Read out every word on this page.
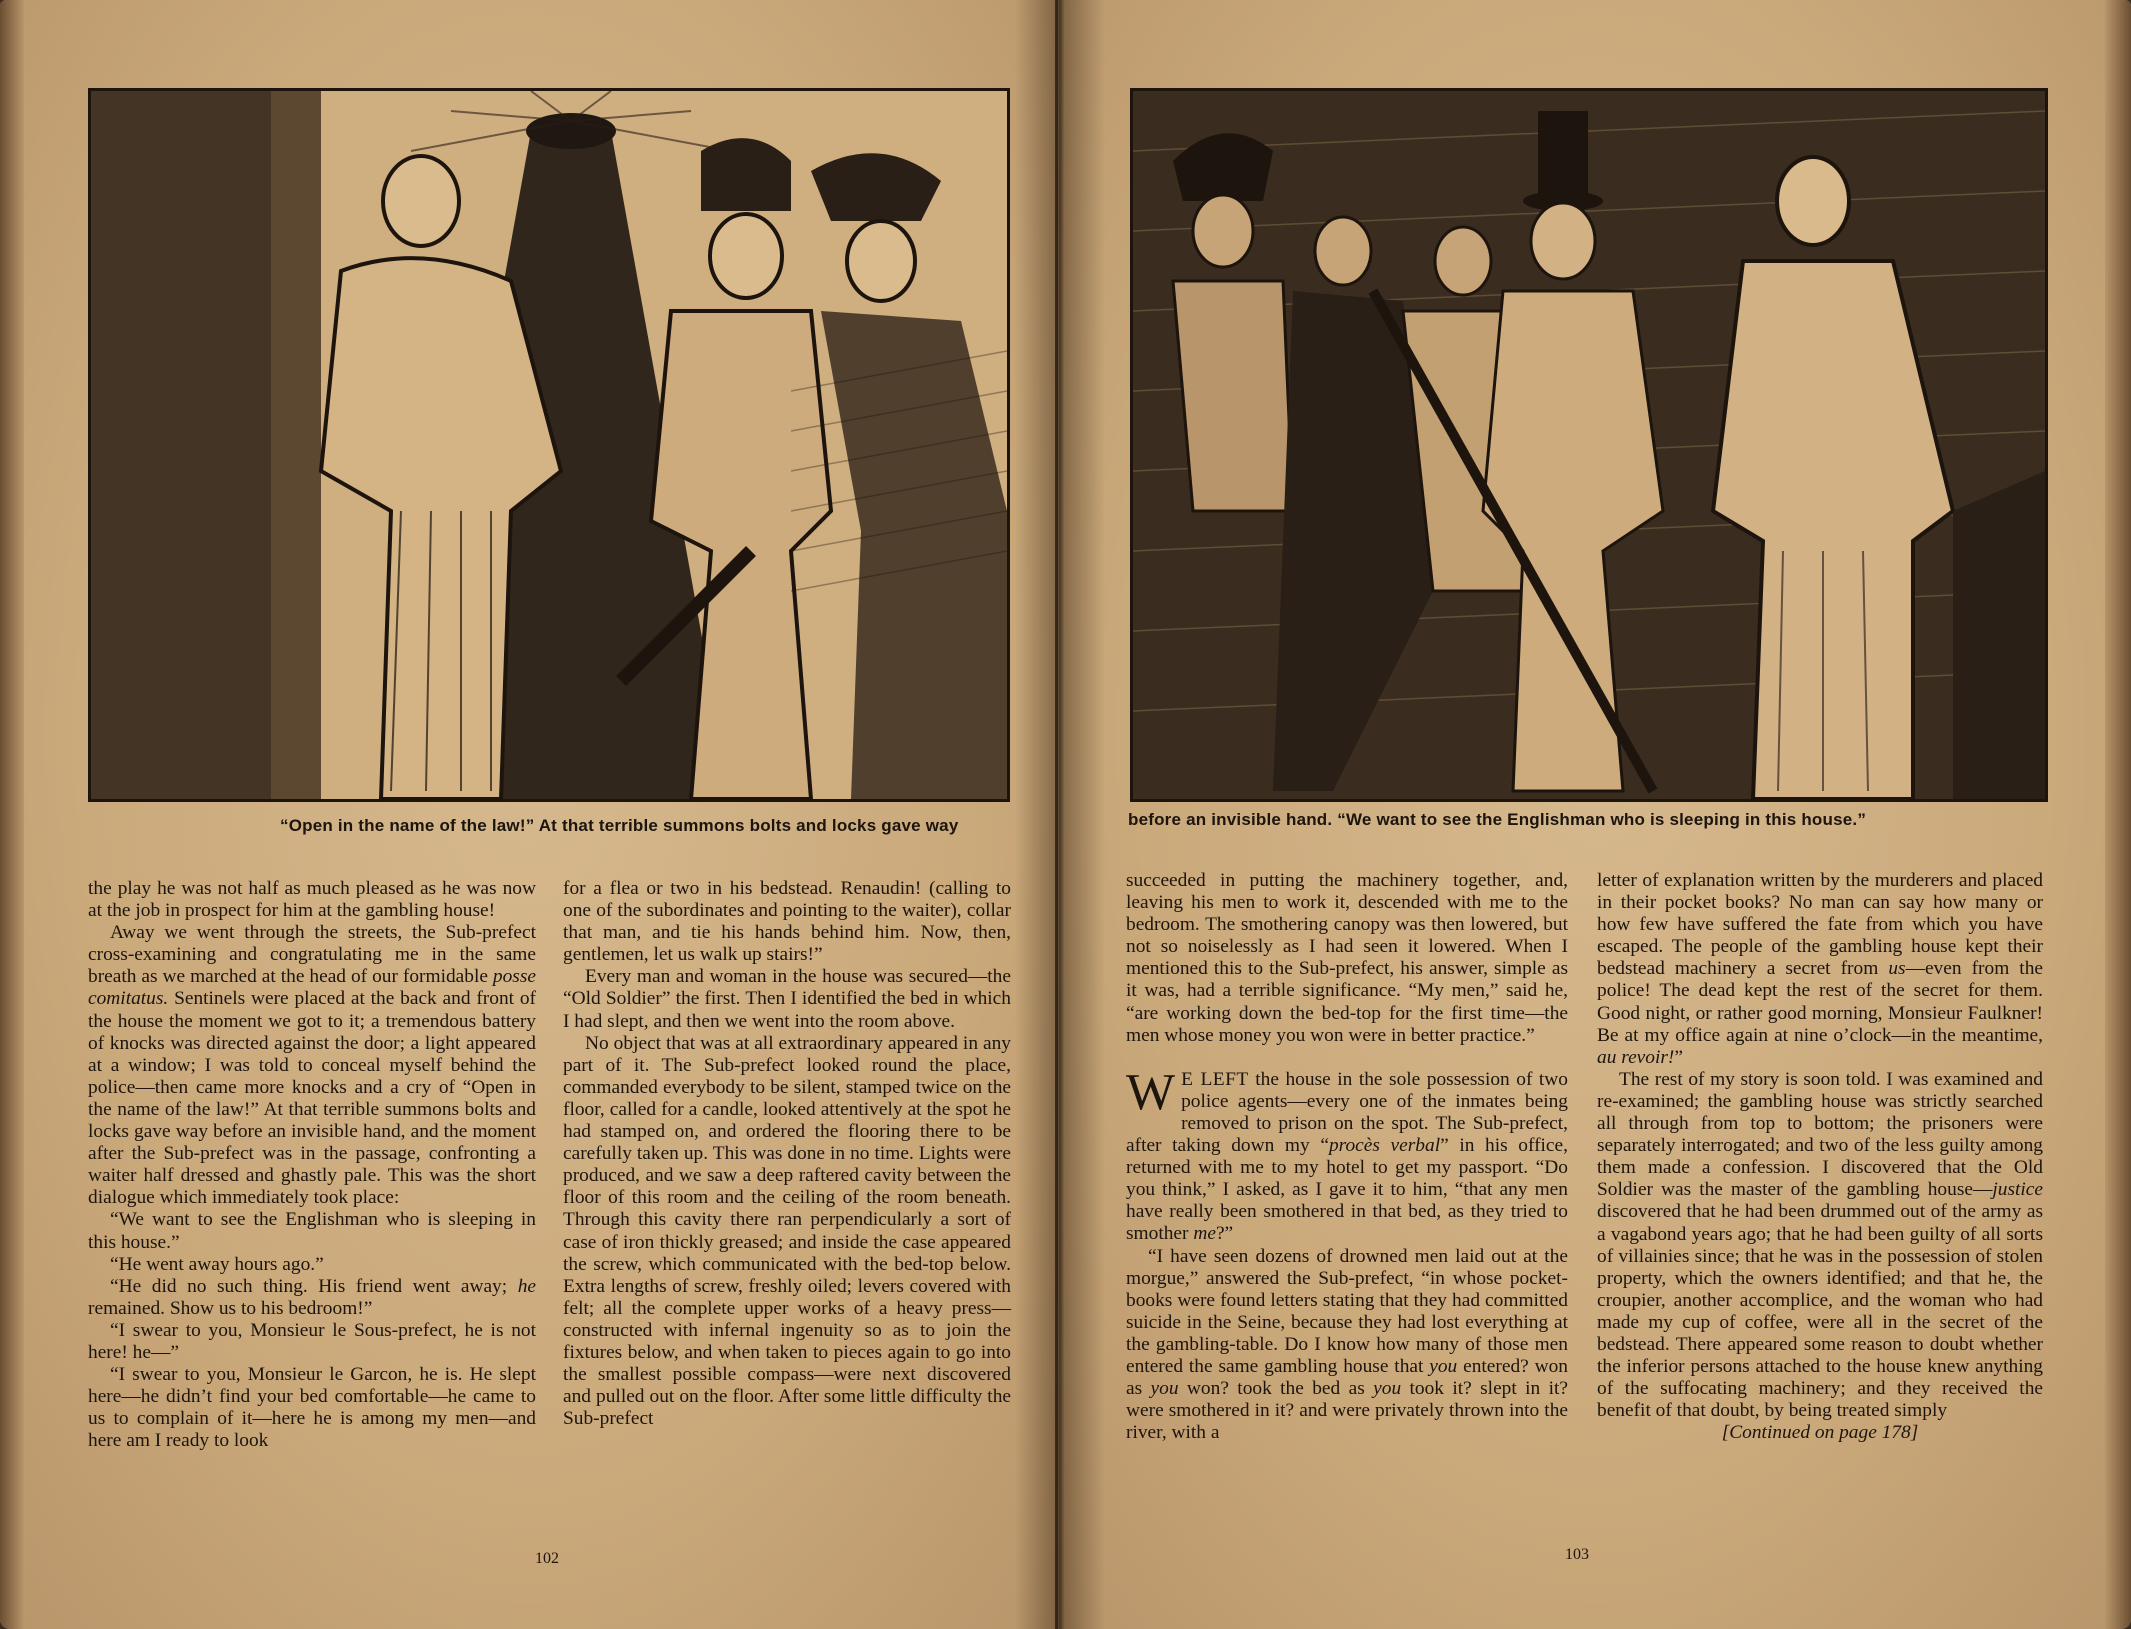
“Open in the name of the law!” At that terrible summons bolts and locks gave way

the play he was not half as much pleased as he was now at the job in prospect for him at the gambling house!

Away we went through the streets, the Sub-prefect cross-examining and congratulating me in the same breath as we marched at the head of our formidable posse comitatus. Sentinels were placed at the back and front of the house the moment we got to it; a tremendous battery of knocks was directed against the door; a light appeared at a window; I was told to conceal myself behind the police—then came more knocks and a cry of “Open in the name of the law!” At that terrible summons bolts and locks gave way before an invisible hand, and the moment after the Sub-prefect was in the passage, confronting a waiter half dressed and ghastly pale. This was the short dialogue which immediately took place:

“We want to see the Englishman who is sleeping in this house.”

“He went away hours ago.”

“He did no such thing. His friend went away; he remained. Show us to his bedroom!”

“I swear to you, Monsieur le Sous-prefect, he is not here! he—”

“I swear to you, Monsieur le Garcon, he is. He slept here—he didn’t find your bed comfortable—he came to us to complain of it—here he is among my men—and here am I ready to look

for a flea or two in his bedstead. Renaudin! (calling to one of the subordinates and pointing to the waiter), collar that man, and tie his hands behind him. Now, then, gentlemen, let us walk up stairs!”

Every man and woman in the house was secured—the “Old Soldier” the first. Then I identified the bed in which I had slept, and then we went into the room above.

No object that was at all extraordinary appeared in any part of it. The Sub-prefect looked round the place, commanded everybody to be silent, stamped twice on the floor, called for a candle, looked attentively at the spot he had stamped on, and ordered the flooring there to be carefully taken up. This was done in no time. Lights were produced, and we saw a deep raftered cavity between the floor of this room and the ceiling of the room beneath. Through this cavity there ran perpendicularly a sort of case of iron thickly greased; and inside the case appeared the screw, which communicated with the bed-top below. Extra lengths of screw, freshly oiled; levers covered with felt; all the complete upper works of a heavy press—constructed with infernal ingenuity so as to join the fixtures below, and when taken to pieces again to go into the smallest possible compass—were next discovered and pulled out on the floor. After some little difficulty the Sub-prefect

102
before an invisible hand. “We want to see the Englishman who is sleeping in this house.”

succeeded in putting the machinery together, and, leaving his men to work it, descended with me to the bedroom. The smothering canopy was then lowered, but not so noiselessly as I had seen it lowered. When I mentioned this to the Sub-prefect, his answer, simple as it was, had a terrible significance. “My men,” said he, “are working down the bed-top for the first time—the men whose money you won were in better practice.”

W E LEFT the house in the sole possession of two police agents—every one of the inmates being removed to prison on the spot. The Sub-prefect, after taking down my “procès verbal” in his office, returned with me to my hotel to get my passport. “Do you think,” I asked, as I gave it to him, “that any men have really been smothered in that bed, as they tried to smother me?”

“I have seen dozens of drowned men laid out at the morgue,” answered the Sub-prefect, “in whose pocket-books were found letters stating that they had committed suicide in the Seine, because they had lost everything at the gambling-table. Do I know how many of those men entered the same gambling house that you entered? won as you won? took the bed as you took it? slept in it? were smothered in it? and were privately thrown into the river, with a

letter of explanation written by the murderers and placed in their pocket books? No man can say how many or how few have suffered the fate from which you have escaped. The people of the gambling house kept their bedstead machinery a secret from us—even from the police! The dead kept the rest of the secret for them. Good night, or rather good morning, Monsieur Faulkner! Be at my office again at nine o’clock—in the meantime, au revoir!”

The rest of my story is soon told. I was examined and re-examined; the gambling house was strictly searched all through from top to bottom; the prisoners were separately interrogated; and two of the less guilty among them made a confession. I discovered that the Old Soldier was the master of the gambling house—justice discovered that he had been drummed out of the army as a vagabond years ago; that he had been guilty of all sorts of villainies since; that he was in the possession of stolen property, which the owners identified; and that he, the croupier, another accomplice, and the woman who had made my cup of coffee, were all in the secret of the bedstead. There appeared some reason to doubt whether the inferior persons attached to the house knew anything of the suffocating machinery; and they received the benefit of that doubt, by being treated simply

[Continued on page 178]

103
